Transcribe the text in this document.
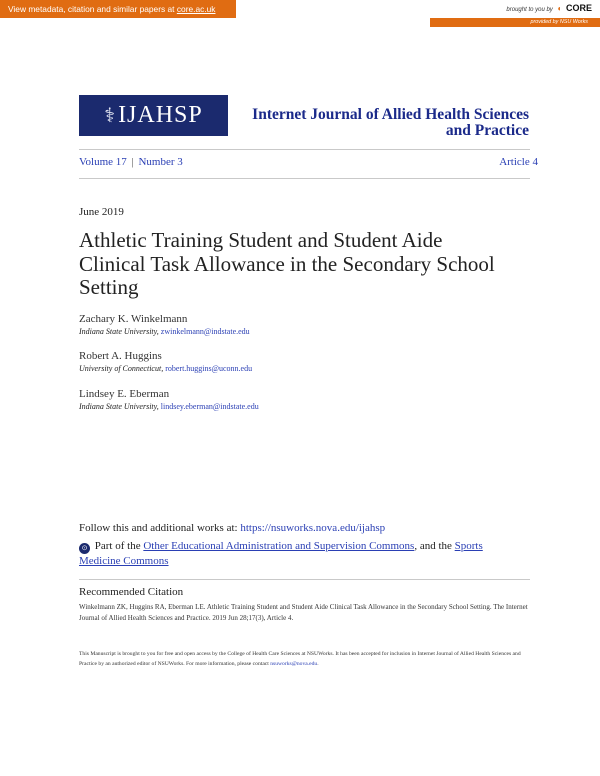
View metadata, citation and similar papers at core.ac.uk	brought to you by ◐ CORE
provided by NSU Works
⚕ IJAHSP	Internet Journal of Allied Health Sciences
and Practice
Volume 17 | Number 3	Article 4
June 2019
Athletic Training Student and Student Aide
Clinical Task Allowance in the Secondary School
Setting
Zachary K. Winkelmann
Indiana State University, zwinkelmann@indstate.edu
Robert A. Huggins
University of Connecticut, robert.huggins@uconn.edu
Lindsey E. Eberman
Indiana State University, lindsey.eberman@indstate.edu
Follow this and additional works at: https://nsuworks.nova.edu/ijahsp
⊙ Part of the Other Educational Administration and Supervision Commons, and the Sports Medicine Commons
Recommended Citation
Winkelmann ZK, Huggins RA, Eberman LE. Athletic Training Student and Student Aide Clinical Task Allowance in the Secondary School Setting. The Internet Journal of Allied Health Sciences and Practice. 2019 Jun 28;17(3), Article 4.
This Manuscript is brought to you for free and open access by the College of Health Care Sciences at NSUWorks. It has been accepted for inclusion in Internet Journal of Allied Health Sciences and Practice by an authorized editor of NSUWorks. For more information, please contact nsuworks@nova.edu.
